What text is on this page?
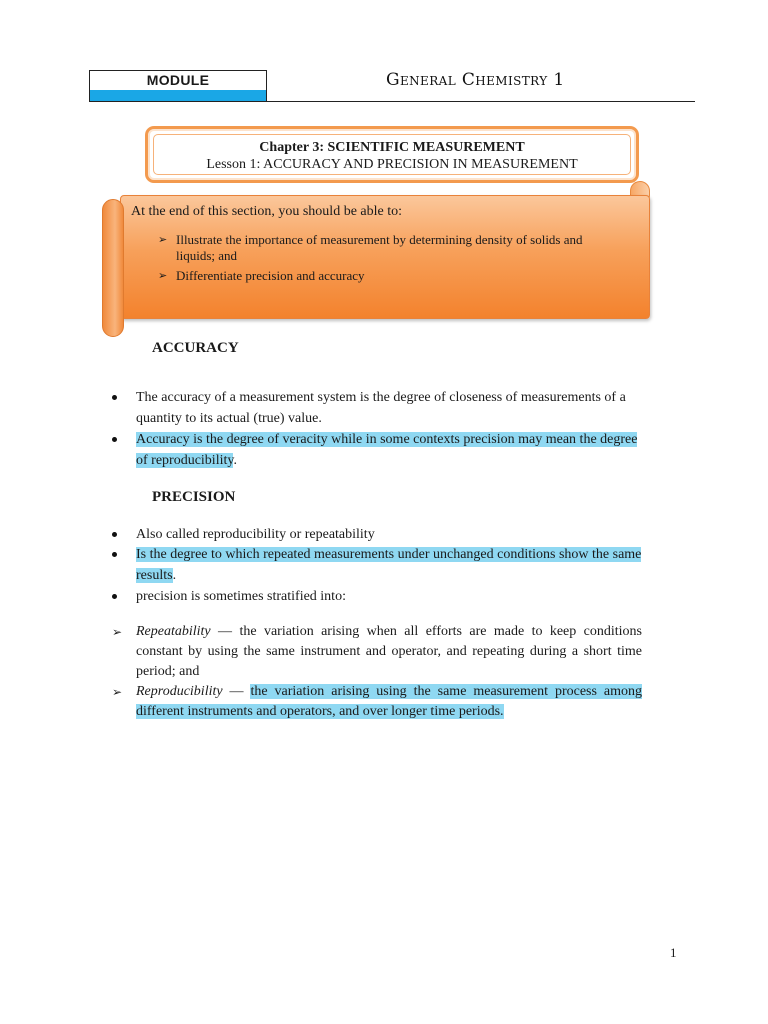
MODULE	General Chemistry 1
Chapter 3: SCIENTIFIC MEASUREMENT
Lesson 1: ACCURACY AND PRECISION IN MEASUREMENT
At the end of this section, you should be able to:
➢ Illustrate the importance of measurement by determining density of solids and liquids; and
➢ Differentiate precision and accuracy
ACCURACY
The accuracy of a measurement system is the degree of closeness of measurements of a quantity to its actual (true) value.
Accuracy is the degree of veracity while in some contexts precision may mean the degree of reproducibility.
PRECISION
Also called reproducibility or repeatability
Is the degree to which repeated measurements under unchanged conditions show the same results.
precision is sometimes stratified into:
➢ Repeatability — the variation arising when all efforts are made to keep conditions constant by using the same instrument and operator, and repeating during a short time period; and
➢ Reproducibility — the variation arising using the same measurement process among different instruments and operators, and over longer time periods.
1
